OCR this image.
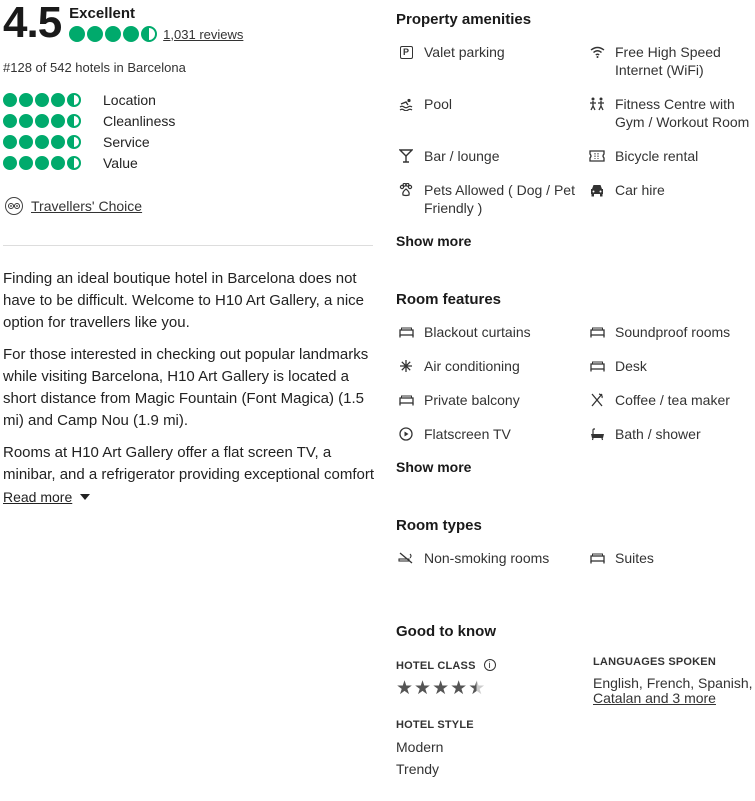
4.5 Excellent
1,031 reviews
#128 of 542 hotels in Barcelona
Location
Cleanliness
Service
Value
Travellers' Choice

Finding an ideal boutique hotel in Barcelona does not have to be difficult. Welcome to H10 Art Gallery, a nice option for travellers like you.

For those interested in checking out popular landmarks while visiting Barcelona, H10 Art Gallery is located a short distance from Magic Fountain (Font Magica) (1.5 mi) and Camp Nou (1.9 mi).

Rooms at H10 Art Gallery offer a flat screen TV, a minibar, and a refrigerator providing exceptional comfort

Read more
Property amenities
P Valet parking	Free High Speed Internet (WiFi)
Pool	Fitness Centre with Gym / Workout Room
Bar / lounge	Bicycle rental
Pets Allowed ( Dog / Pet Friendly )
Car hire
Show more
Room features
Blackout curtains	Soundproof rooms
Air conditioning	Desk
Private balcony	Coffee / tea maker
Flatscreen TV	Bath / shower
Show more
Room types
Non-smoking rooms	Suites
Good to know
HOTEL CLASS i
★ ★ ★ ★ ★
LANGUAGES SPOKEN
English, French, Spanish,
Catalan and 3 more
HOTEL STYLE
Modern
Trendy
